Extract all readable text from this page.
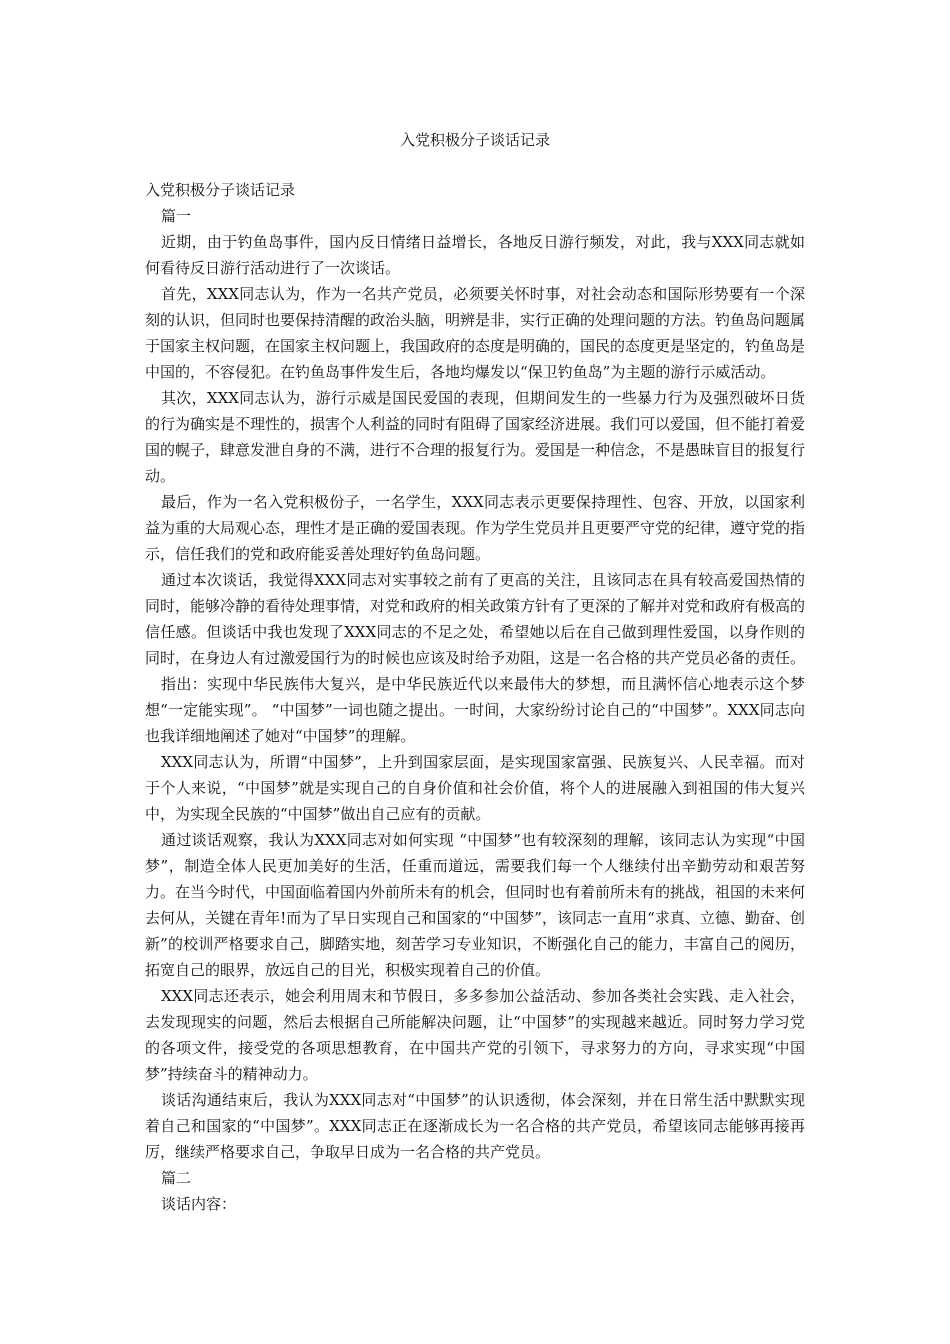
入党积极分子谈话记录

入党积极分子谈话记录

篇一

近期，由于钓鱼岛事件，国内反日情绪日益增长，各地反日游行频发，对此，我与XXX同志就如何看待反日游行活动进行了一次谈话。

首先，XXX同志认为，作为一名共产党员，必须要关怀时事，对社会动态和国际形势要有一个深刻的认识，但同时也要保持清醒的政治头脑，明辨是非，实行正确的处理问题的方法。钓鱼岛问题属于国家主权问题，在国家主权问题上，我国政府的态度是明确的，国民的态度更是坚定的，钓鱼岛是中国的，不容侵犯。在钓鱼岛事件发生后，各地均爆发以“保卫钓鱼岛”为主题的游行示威活动。

其次，XXX同志认为，游行示威是国民爱国的表现，但期间发生的一些暴力行为及强烈破坏日货的行为确实是不理性的，损害个人利益的同时有阻碍了国家经济进展。我们可以爱国，但不能打着爱国的幌子，肆意发泄自身的不满，进行不合理的报复行为。爱国是一种信念，不是愚昧盲目的报复行动。

最后，作为一名入党积极份子，一名学生，XXX同志表示更要保持理性、包容、开放，以国家利益为重的大局观心态，理性才是正确的爱国表现。作为学生党员并且更要严守党的纪律，遵守党的指示，信任我们的党和政府能妥善处理好钓鱼岛问题。

通过本次谈话，我觉得XXX同志对实事较之前有了更高的关注，且该同志在具有较高爱国热情的同时，能够冷静的看待处理事情，对党和政府的相关政策方针有了更深的了解并对党和政府有极高的信任感。但谈话中我也发现了XXX同志的不足之处，希望她以后在自己做到理性爱国，以身作则的同时，在身边人有过激爱国行为的时候也应该及时给予劝阻，这是一名合格的共产党员必备的责任。

指出：实现中华民族伟大复兴，是中华民族近代以来最伟大的梦想，而且满怀信心地表示这个梦想“一定能实现”。 “中国梦”一词也随之提出。一时间，大家纷纷讨论自己的“中国梦”。XXX同志向也我详细地阐述了她对“中国梦”的理解。

XXX同志认为，所谓“中国梦”，上升到国家层面，是实现国家富强、民族复兴、人民幸福。而对于个人来说，“中国梦”就是实现自己的自身价值和社会价值，将个人的进展融入到祖国的伟大复兴中，为实现全民族的“中国梦”做出自己应有的贡献。

通过谈话观察，我认为XXX同志对如何实现 “中国梦”也有较深刻的理解，该同志认为实现“中国梦”，制造全体人民更加美好的生活，任重而道远，需要我们每一个人继续付出辛勤劳动和艰苦努力。在当今时代，中国面临着国内外前所未有的机会，但同时也有着前所未有的挑战，祖国的未来何去何从，关键在青年!而为了早日实现自己和国家的“中国梦”，该同志一直用“求真、立德、勤奋、创新”的校训严格要求自己，脚踏实地，刻苦学习专业知识，不断强化自己的能力，丰富自己的阅历，拓宽自己的眼界，放远自己的目光，积极实现着自己的价值。

XXX同志还表示，她会利用周末和节假日，多多参加公益活动、参加各类社会实践、走入社会，去发现现实的问题，然后去根据自己所能解决问题，让“中国梦”的实现越来越近。同时努力学习党的各项文件，接受党的各项思想教育，在中国共产党的引领下，寻求努力的方向，寻求实现“中国梦”持续奋斗的精神动力。

谈话沟通结束后，我认为XXX同志对“中国梦”的认识透彻，体会深刻，并在日常生活中默默实现着自己和国家的“中国梦”。XXX同志正在逐渐成长为一名合格的共产党员，希望该同志能够再接再厉，继续严格要求自己，争取早日成为一名合格的共产党员。

篇二

谈话内容：
